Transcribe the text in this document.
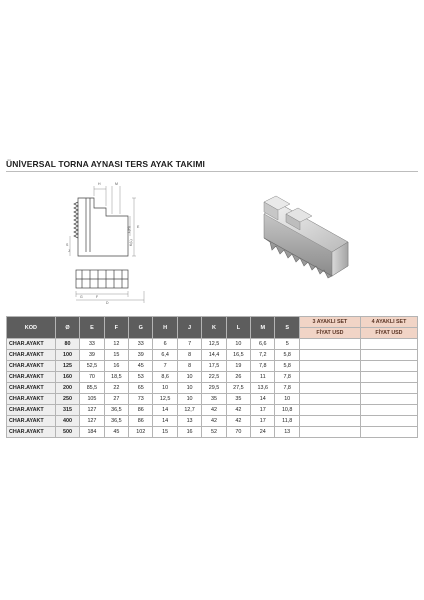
ÜNİVERSAL TORNA AYNASI TERS AYAK TAKIMI
H	M
L(H) E
K(L)
S
J
G	F
D
KOD	Ø	E	F	G	H	J	K	L	M	S	3 AYAKLI SET	4 AYAKLI SET
											FİYAT USD	FİYAT USD
CHAR.AYAKT	80	33	12	33	6	7	12,5	10	6,6	5		
CHAR.AYAKT	100	39	15	39	6,4	8	14,4	16,5	7,2	5,8		
CHAR.AYAKT	125	52,5	16	45	7	8	17,5	19	7,8	5,8		
CHAR.AYAKT	160	70	18,5	53	8,6	10	22,5	26	11	7,8		
CHAR.AYAKT	200	85,5	22	65	10	10	29,5	27,5	13,6	7,8		
CHAR.AYAKT	250	105	27	73	12,5	10	35	35	14	10		
CHAR.AYAKT	315	127	36,5	86	14	12,7	42	42	17	10,8		
CHAR.AYAKT	400	127	36,5	86	14	13	42	42	17	11,8		
CHAR.AYAKT	500	184	45	102	15	16	52	70	24	13		
